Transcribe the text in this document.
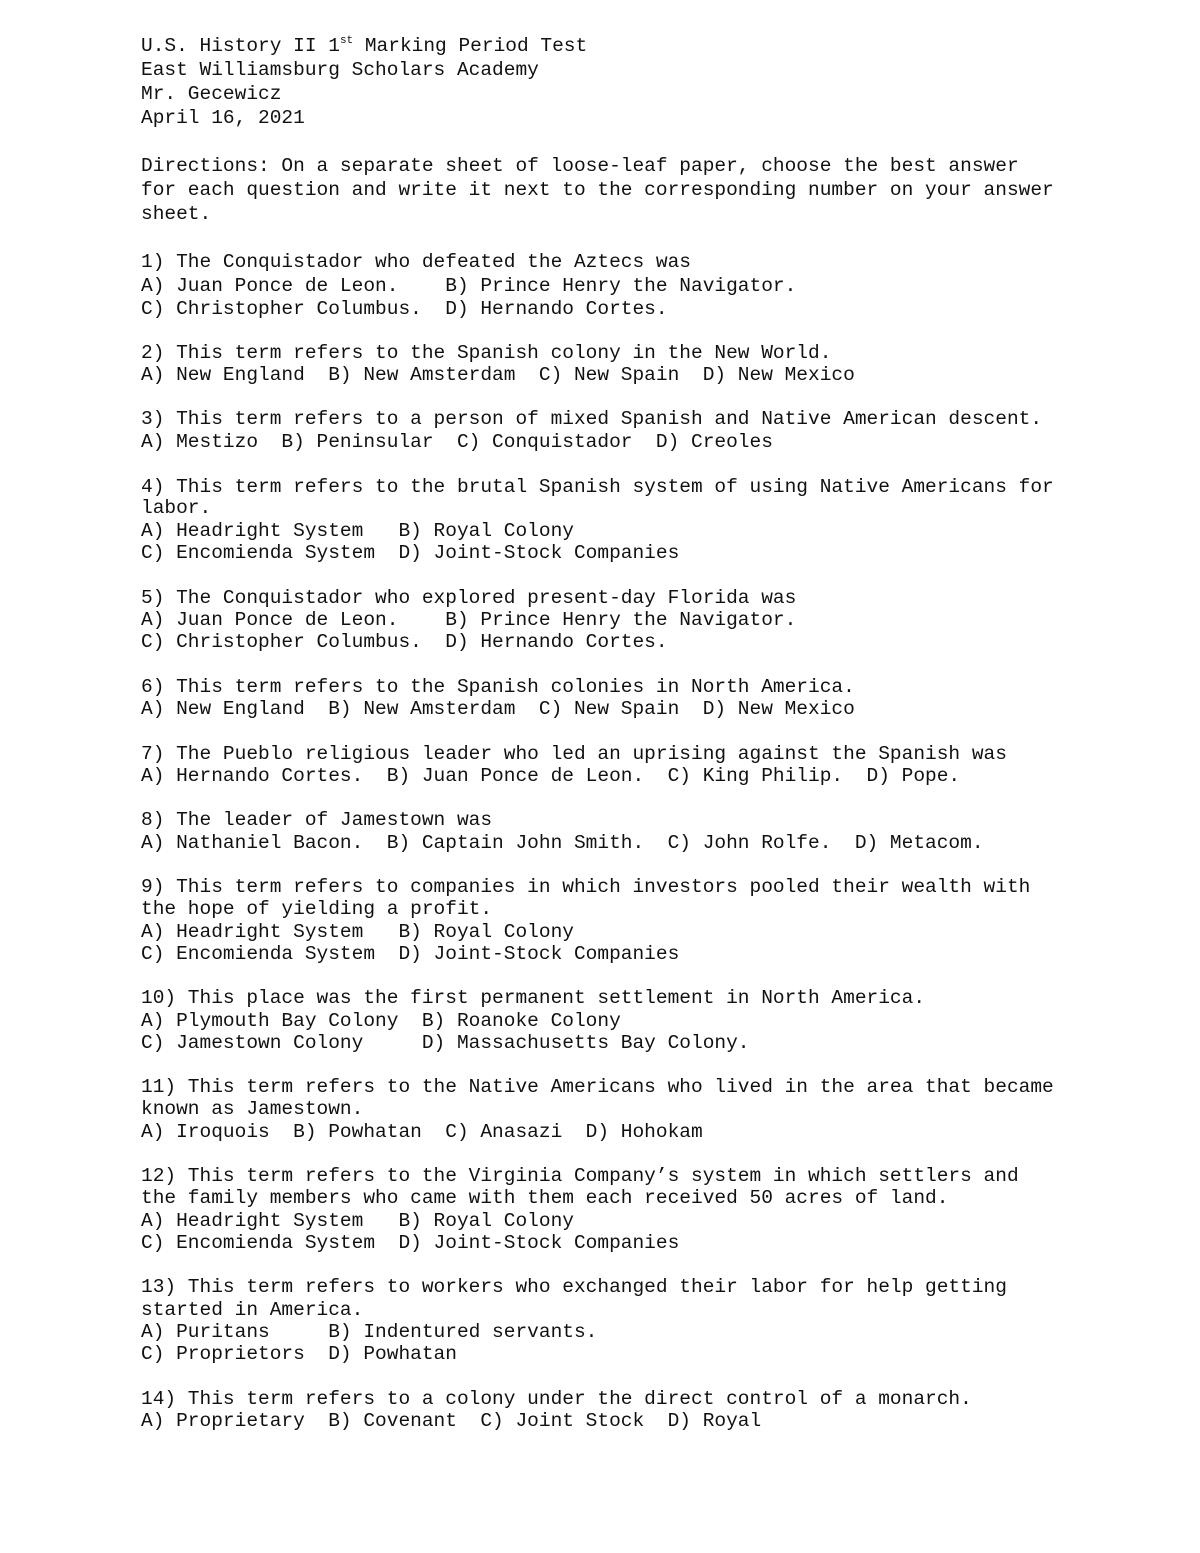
U.S. History II 1st Marking Period Test
East Williamsburg Scholars Academy
Mr. Gecewicz
April 16, 2021
Directions: On a separate sheet of loose-leaf paper, choose the best answer
for each question and write it next to the corresponding number on your answer
sheet.
1) The Conquistador who defeated the Aztecs was
A) Juan Ponce de Leon.    B) Prince Henry the Navigator.
C) Christopher Columbus.  D) Hernando Cortes.
2) This term refers to the Spanish colony in the New World.
A) New England  B) New Amsterdam  C) New Spain  D) New Mexico
3) This term refers to a person of mixed Spanish and Native American descent.
A) Mestizo  B) Peninsular  C) Conquistador  D) Creoles
4) This term refers to the brutal Spanish system of using Native Americans for
labor.
A) Headright System   B) Royal Colony
C) Encomienda System  D) Joint-Stock Companies
5) The Conquistador who explored present-day Florida was
A) Juan Ponce de Leon.    B) Prince Henry the Navigator.
C) Christopher Columbus.  D) Hernando Cortes.
6) This term refers to the Spanish colonies in North America.
A) New England  B) New Amsterdam  C) New Spain  D) New Mexico
7) The Pueblo religious leader who led an uprising against the Spanish was
A) Hernando Cortes.  B) Juan Ponce de Leon.  C) King Philip.  D) Pope.
8) The leader of Jamestown was
A) Nathaniel Bacon.  B) Captain John Smith.  C) John Rolfe.  D) Metacom.
9) This term refers to companies in which investors pooled their wealth with
the hope of yielding a profit.
A) Headright System   B) Royal Colony
C) Encomienda System  D) Joint-Stock Companies
10) This place was the first permanent settlement in North America.
A) Plymouth Bay Colony  B) Roanoke Colony
C) Jamestown Colony     D) Massachusetts Bay Colony.
11) This term refers to the Native Americans who lived in the area that became
known as Jamestown.
A) Iroquois  B) Powhatan  C) Anasazi  D) Hohokam
12) This term refers to the Virginia Company’s system in which settlers and
the family members who came with them each received 50 acres of land.
A) Headright System   B) Royal Colony
C) Encomienda System  D) Joint-Stock Companies
13) This term refers to workers who exchanged their labor for help getting
started in America.
A) Puritans     B) Indentured servants.
C) Proprietors  D) Powhatan
14) This term refers to a colony under the direct control of a monarch.
A) Proprietary  B) Covenant  C) Joint Stock  D) Royal
